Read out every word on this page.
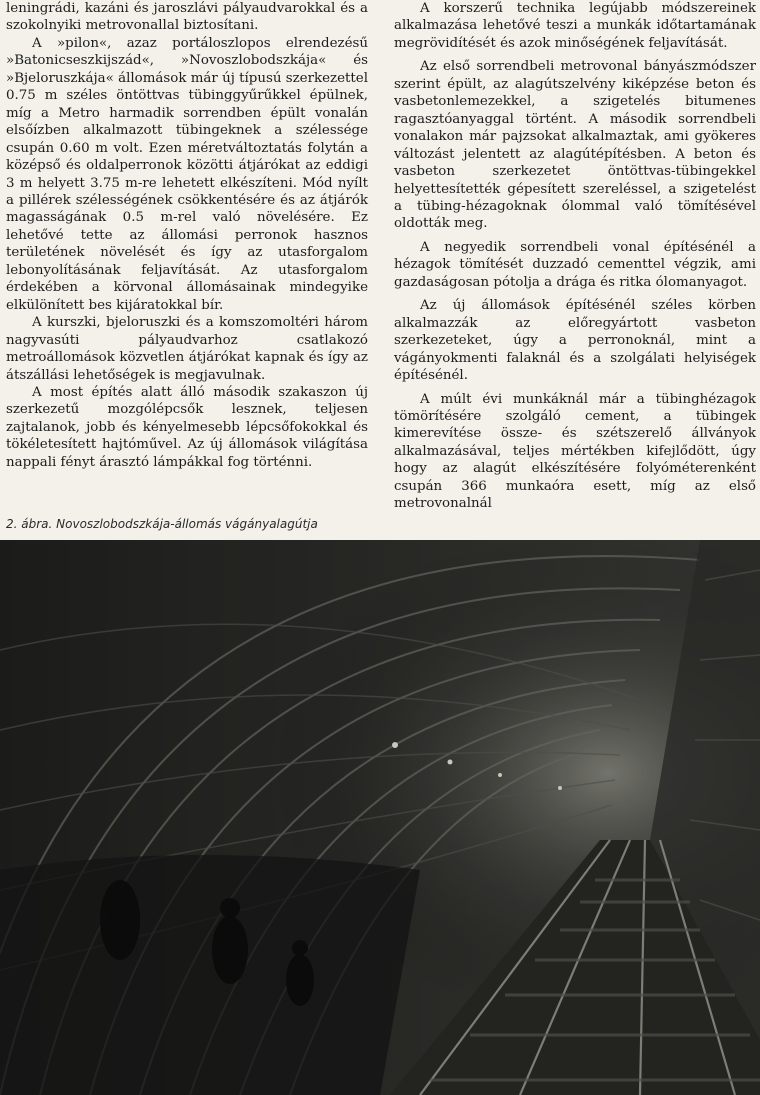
leningrádi, kazáni és jaroszlávi pályaudvarokkal és a szokolnyiki metrovonallal biztosítani.

A »pilon«, azaz portáloszlopos elrendezésű »Batonicseszkijszád«, »Novoszlobodszkája« és »Bjeloruszkája« állomások már új típusú szerkezettel 0.75 m széles öntöttvas tübinggyűrűkkel épülnek, míg a Metro harmadik sorrendben épült vonalán elsőízben alkalmazott tübingeknek a szélessége csupán 0.60 m volt. Ezen méretváltoztatás folytán a középső és oldalperronok közötti átjárókat az eddigi 3 m helyett 3.75 m-re lehetett elkészíteni. Mód nyílt a pillérek szélességének csökkentésére és az átjárók magasságának 0.5 m-rel való növelésére. Ez lehetővé tette az állomási perronok hasznos területének növelését és így az utasforgalom lebonyolításának feljavítását. Az utasforgalom érdekében a körvonal állomásainak mindegyike elkülönített bes kijáratokkal bír.

A kurszki, bjeloruszki és a komszomoltéri három nagyvasúti pályaudvarhoz csatlakozó metroállomások közvetlen átjárókat kapnak és így az átszállási lehetőségek is megjavulnak.

A most építés alatt álló második szakaszon új szerkezetű mozgólépcsők lesznek, teljesen zajtalanok, jobb és kényelmesebb lépcsőfokokkal és tökéletesített hajtóművel. Az új állomások világítása nappali fényt árasztó lámpákkal fog történni.

A korszerű technika legújabb módszereinek alkalmazása lehetővé teszi a munkák időtartamának megrövidítését és azok minőségének feljavítását.

Az első sorrendbeli metrovonal bányászmódszer szerint épült, az alagútszelvény kiképzése beton és vasbetonlemezekkel, a szigetelés bitumenes ragasztóanyaggal történt. A második sorrendbeli vonalakon már pajzsokat alkalmaztak, ami gyökeres változást jelentett az alagútépítésben. A beton és vasbeton szerkezetet öntöttvas-tübingekkel helyettesítették gépesített szereléssel, a szigetelést a tübing-hézagoknak ólommal való tömítésével oldották meg.

A negyedik sorrendbeli vonal építésénél a hézagok tömítését duzzadó cementtel végzik, ami gazdaságosan pótolja a drága és ritka ólomanyagot.

Az új állomások építésénél széles körben alkalmazzák az előregyártott vasbeton szerkezeteket, úgy a perronoknál, mint a vágányokmenti falaknál és a szolgálati helyiségek építésénél.

A múlt évi munkáknál már a tübinghézagok tömörítésére szolgáló cement, a tübingek kimerevítése össze- és szétszerelő állványok alkalmazásával, teljes mértékben kifejlődött, úgy hogy az alagút elkészítésére folyóméterenként csupán 366 munkaóra esett, míg az első metrovonalnál

2. ábra. Novoszlobodszkája-állomás vágányalagútja
